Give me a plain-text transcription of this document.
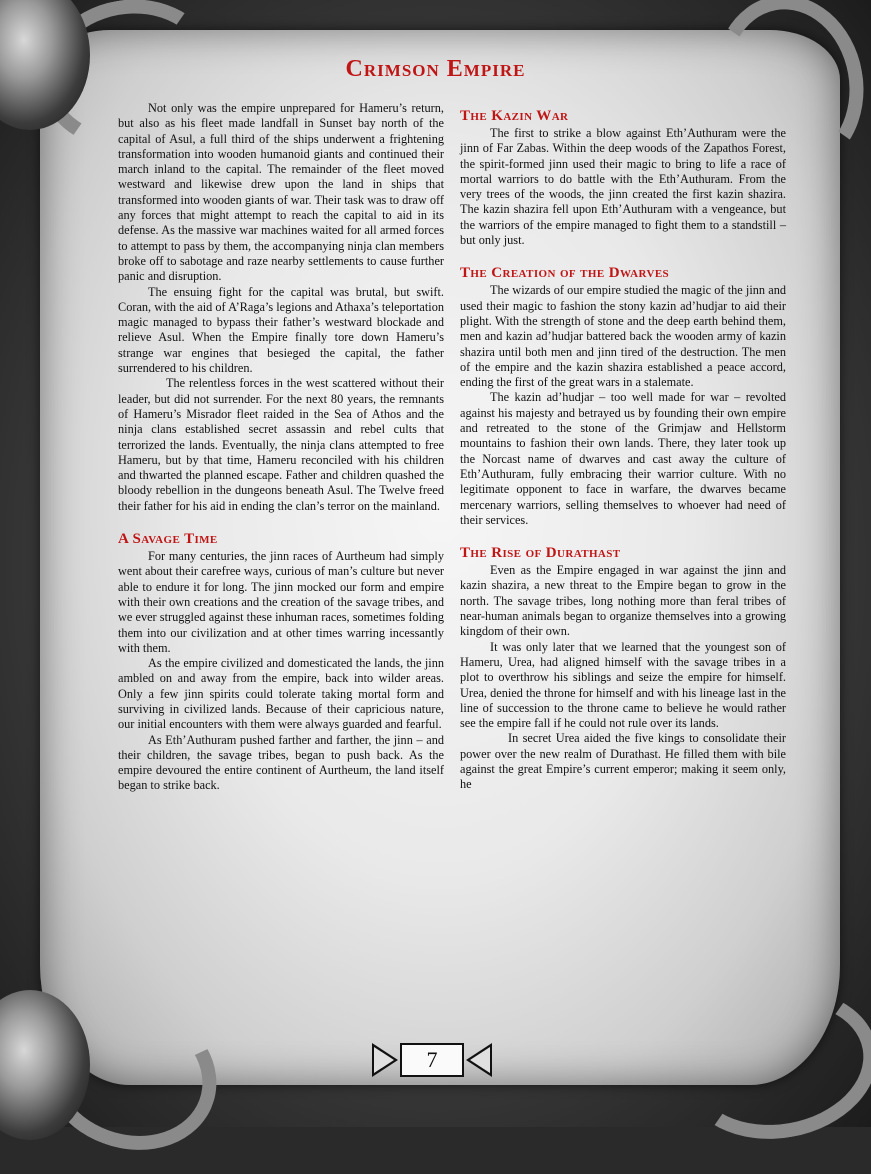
Crimson Empire

Not only was the empire unprepared for Hameru’s return, but also as his fleet made landfall in Sunset bay north of the capital of Asul, a full third of the ships underwent a frightening transformation into wooden humanoid giants and continued their march inland to the capital. The remainder of the fleet moved westward and likewise drew upon the land in ships that transformed into wooden giants of war. Their task was to draw off any forces that might attempt to reach the capital to aid in its defense. As the massive war machines waited for all armed forces to attempt to pass by them, the accompanying ninja clan members broke off to sabotage and raze nearby settlements to cause further panic and disruption.

The ensuing fight for the capital was brutal, but swift. Coran, with the aid of A’Raga’s legions and Athaxa’s teleportation magic managed to bypass their father’s westward blockade and relieve Asul. When the Empire finally tore down Hameru’s strange war engines that besieged the capital, the father surrendered to his children.

The relentless forces in the west scattered without their leader, but did not surrender. For the next 80 years, the remnants of Hameru’s Misrador fleet raided in the Sea of Athos and the ninja clans established secret assassin and rebel cults that terrorized the lands. Eventually, the ninja clans attempted to free Hameru, but by that time, Hameru reconciled with his children and thwarted the planned escape. Father and children quashed the bloody rebellion in the dungeons beneath Asul. The Twelve freed their father for his aid in ending the clan’s terror on the mainland.

A Savage Time

For many centuries, the jinn races of Aurtheum had simply went about their carefree ways, curious of man’s culture but never able to endure it for long. The jinn mocked our form and empire with their own creations and the creation of the savage tribes, and we ever struggled against these inhuman races, sometimes folding them into our civilization and at other times warring incessantly with them.

As the empire civilized and domesticated the lands, the jinn ambled on and away from the empire, back into wilder areas. Only a few jinn spirits could tolerate taking mortal form and surviving in civilized lands. Because of their capricious nature, our initial encounters with them were always guarded and fearful.

As Eth’Authuram pushed farther and farther, the jinn – and their children, the savage tribes, began to push back. As the empire devoured the entire continent of Aurtheum, the land itself began to strike back.

The Kazin War

The first to strike a blow against Eth’Authuram were the jinn of Far Zabas. Within the deep woods of the Zapathos Forest, the spirit-formed jinn used their magic to bring to life a race of mortal warriors to do battle with the Eth’Authuram. From the very trees of the woods, the jinn created the first kazin shazira. The kazin shazira fell upon Eth’Authuram with a vengeance, but the warriors of the empire managed to fight them to a standstill – but only just.

The Creation of the Dwarves

The wizards of our empire studied the magic of the jinn and used their magic to fashion the stony kazin ad’hudjar to aid their plight. With the strength of stone and the deep earth behind them, men and kazin ad’hudjar battered back the wooden army of kazin shazira until both men and jinn tired of the destruction. The men of the empire and the kazin shazira established a peace accord, ending the first of the great wars in a stalemate.

The kazin ad’hudjar – too well made for war – revolted against his majesty and betrayed us by founding their own empire and retreated to the stone of the Grimjaw and Hellstorm mountains to fashion their own lands. There, they later took up the Norcast name of dwarves and cast away the culture of Eth’Authuram, fully embracing their warrior culture. With no legitimate opponent to face in warfare, the dwarves became mercenary warriors, selling themselves to whoever had need of their services.

The Rise of Durathast

Even as the Empire engaged in war against the jinn and kazin shazira, a new threat to the Empire began to grow in the north. The savage tribes, long nothing more than feral tribes of near-human animals began to organize themselves into a growing kingdom of their own.

It was only later that we learned that the youngest son of Hameru, Urea, had aligned himself with the savage tribes in a plot to overthrow his siblings and seize the empire for himself. Urea, denied the throne for himself and with his lineage last in the line of succession to the throne came to believe he would rather see the empire fall if he could not rule over its lands.

In secret Urea aided the five kings to consolidate their power over the new realm of Durathast. He filled them with bile against the great Empire’s current emperor; making it seem only, he

7
